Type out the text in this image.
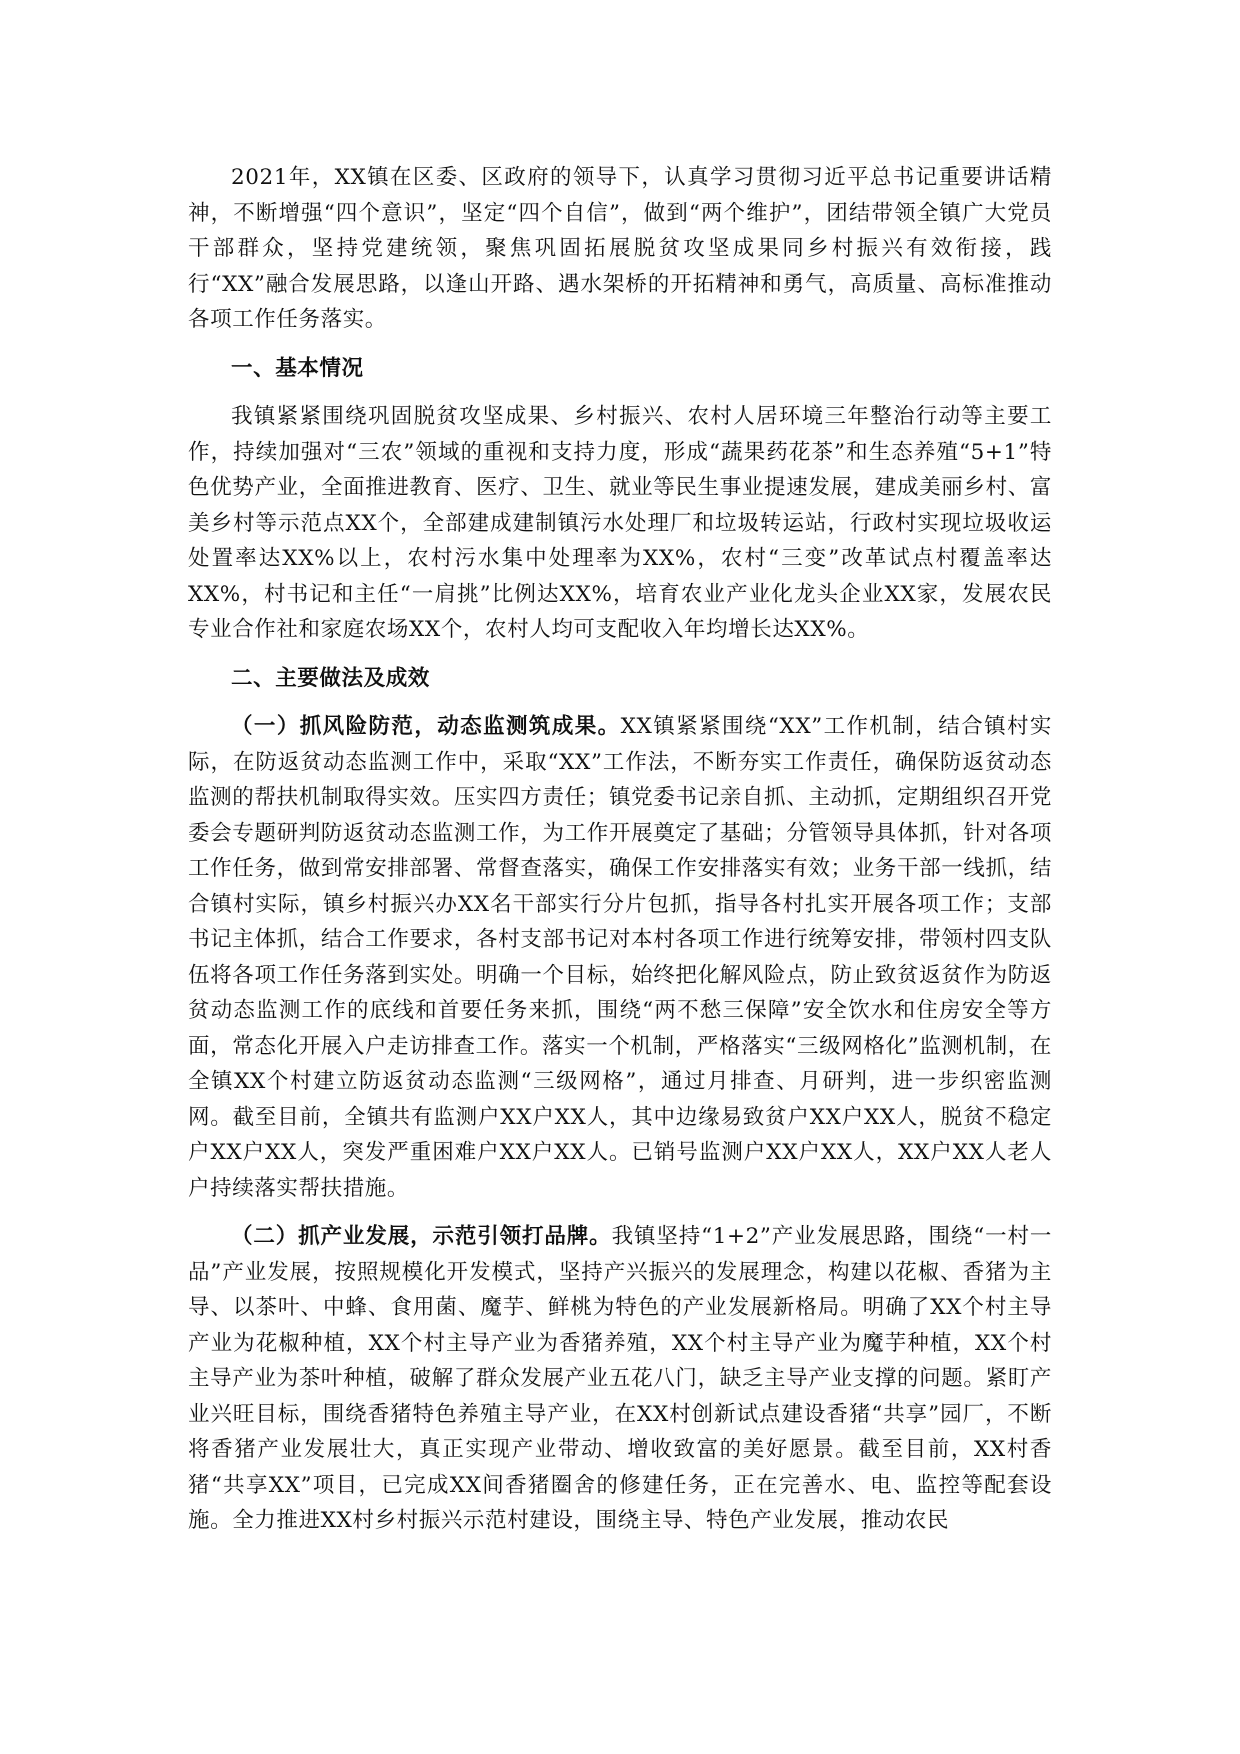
2021年，XX镇在区委、区政府的领导下，认真学习贯彻习近平总书记重要讲话精神，不断增强“四个意识”，坚定“四个自信”，做到“两个维护”，团结带领全镇广大党员干部群众，坚持党建统领，聚焦巩固拓展脱贫攻坚成果同乡村振兴有效衔接，践行“XX”融合发展思路，以逢山开路、遇水架桥的开拓精神和勇气，高质量、高标准推动各项工作任务落实。

一、基本情况

我镇紧紧围绕巩固脱贫攻坚成果、乡村振兴、农村人居环境三年整治行动等主要工作，持续加强对“三农”领域的重视和支持力度，形成“蔬果药花茶”和生态养殖“5+1”特色优势产业，全面推进教育、医疗、卫生、就业等民生事业提速发展，建成美丽乡村、富美乡村等示范点XX个，全部建成建制镇污水处理厂和垃圾转运站，行政村实现垃圾收运处置率达XX%以上，农村污水集中处理率为XX%，农村“三变”改革试点村覆盖率达XX%，村书记和主任“一肩挑”比例达XX%，培育农业产业化龙头企业XX家，发展农民专业合作社和家庭农场XX个，农村人均可支配收入年均增长达XX%。

二、主要做法及成效

（一）抓风险防范，动态监测筑成果。XX镇紧紧围绕“XX”工作机制，结合镇村实际，在防返贫动态监测工作中，采取“XX”工作法，不断夯实工作责任，确保防返贫动态监测的帮扶机制取得实效。压实四方责任；镇党委书记亲自抓、主动抓，定期组织召开党委会专题研判防返贫动态监测工作，为工作开展奠定了基础；分管领导具体抓，针对各项工作任务，做到常安排部署、常督查落实，确保工作安排落实有效；业务干部一线抓，结合镇村实际，镇乡村振兴办XX名干部实行分片包抓，指导各村扎实开展各项工作；支部书记主体抓，结合工作要求，各村支部书记对本村各项工作进行统筹安排，带领村四支队伍将各项工作任务落到实处。明确一个目标，始终把化解风险点，防止致贫返贫作为防返贫动态监测工作的底线和首要任务来抓，围绕“两不愁三保障”安全饮水和住房安全等方面，常态化开展入户走访排查工作。落实一个机制，严格落实“三级网格化”监测机制，在全镇XX个村建立防返贫动态监测“三级网格”，通过月排查、月研判，进一步织密监测网。截至目前，全镇共有监测户XX户XX人，其中边缘易致贫户XX户XX人，脱贫不稳定户XX户XX人，突发严重困难户XX户XX人。已销号监测户XX户XX人，XX户XX人老人户持续落实帮扶措施。

（二）抓产业发展，示范引领打品牌。我镇坚持“1+2”产业发展思路，围绕“一村一品”产业发展，按照规模化开发模式，坚持产兴振兴的发展理念，构建以花椒、香猪为主导、以茶叶、中蜂、食用菌、魔芋、鲜桃为特色的产业发展新格局。明确了XX个村主导产业为花椒种植，XX个村主导产业为香猪养殖，XX个村主导产业为魔芋种植，XX个村主导产业为茶叶种植，破解了群众发展产业五花八门，缺乏主导产业支撑的问题。紧盯产业兴旺目标，围绕香猪特色养殖主导产业，在XX村创新试点建设香猪“共享”园厂，不断将香猪产业发展壮大，真正实现产业带动、增收致富的美好愿景。截至目前，XX村香猪“共享XX”项目，已完成XX间香猪圈舍的修建任务，正在完善水、电、监控等配套设施。全力推进XX村乡村振兴示范村建设，围绕主导、特色产业发展，推动农民
